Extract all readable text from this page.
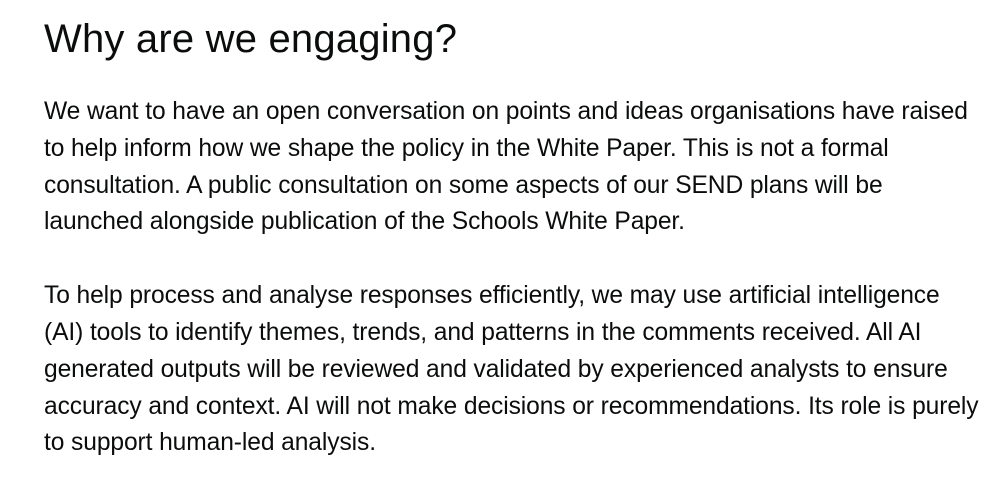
Why are we engaging?

We want to have an open conversation on points and ideas organisations have raised to help inform how we shape the policy in the White Paper. This is not a formal consultation. A public consultation on some aspects of our SEND plans will be launched alongside publication of the Schools White Paper.

To help process and analyse responses efficiently, we may use artificial intelligence (AI) tools to identify themes, trends, and patterns in the comments received. All AI generated outputs will be reviewed and validated by experienced analysts to ensure accuracy and context. AI will not make decisions or recommendations. Its role is purely to support human-led analysis.
